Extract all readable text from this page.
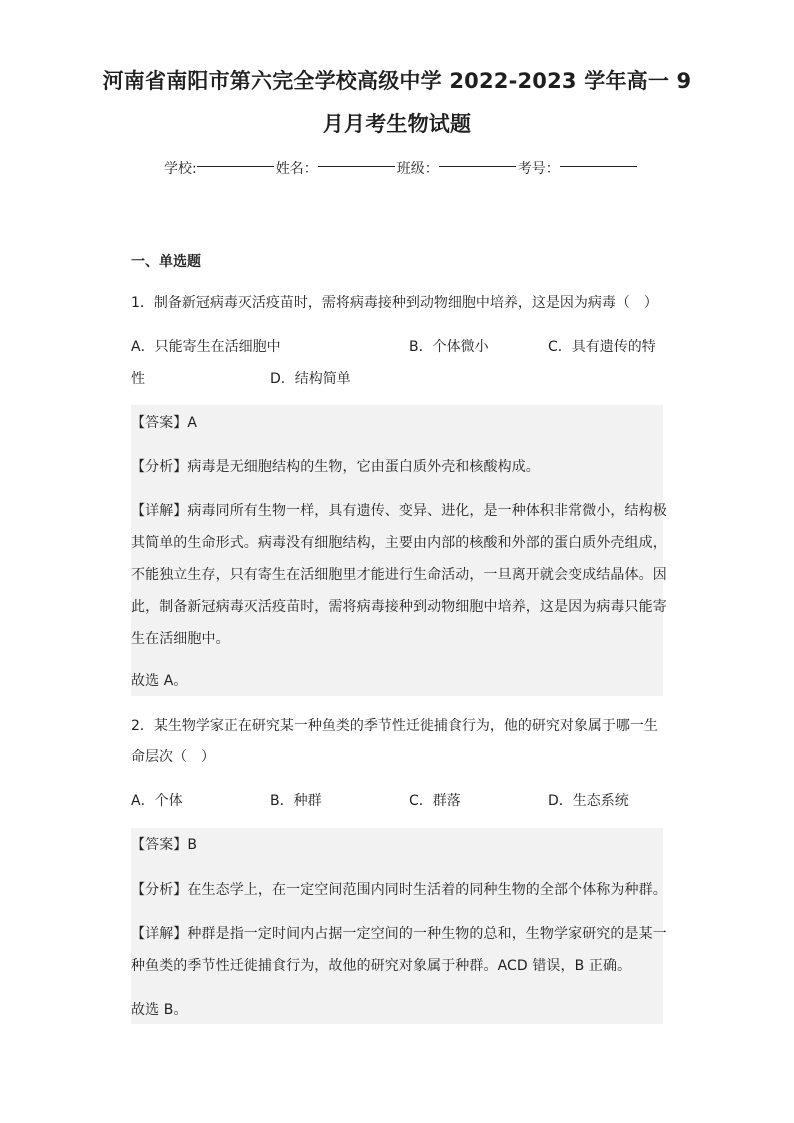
河南省南阳市第六完全学校高级中学 2022-2023 学年高一 9
月月考生物试题
学校:	姓名：	班级：	考号：
一、单选题
1．制备新冠病毒灭活疫苗时，需将病毒接种到动物细胞中培养，这是因为病毒（　）
A．只能寄生在活细胞中	B．个体微小	C．具有遗传的特
性	D．结构简单
【答案】A
【分析】病毒是无细胞结构的生物，它由蛋白质外壳和核酸构成。
【详解】病毒同所有生物一样，具有遗传、变异、进化，是一种体积非常微小，结构极
其简单的生命形式。病毒没有细胞结构，主要由内部的核酸和外部的蛋白质外壳组成，
不能独立生存，只有寄生在活细胞里才能进行生命活动，一旦离开就会变成结晶体。因
此，制备新冠病毒灭活疫苗时，需将病毒接种到动物细胞中培养，这是因为病毒只能寄
生在活细胞中。
故选 A。
2．某生物学家正在研究某一种鱼类的季节性迁徙捕食行为，他的研究对象属于哪一生
命层次（　）
A．个体	B．种群	C．群落	D．生态系统
【答案】B
【分析】在生态学上，在一定空间范围内同时生活着的同种生物的全部个体称为种群。
【详解】种群是指一定时间内占据一定空间的一种生物的总和，生物学家研究的是某一
种鱼类的季节性迁徙捕食行为，故他的研究对象属于种群。ACD 错误，B 正确。
故选 B。
